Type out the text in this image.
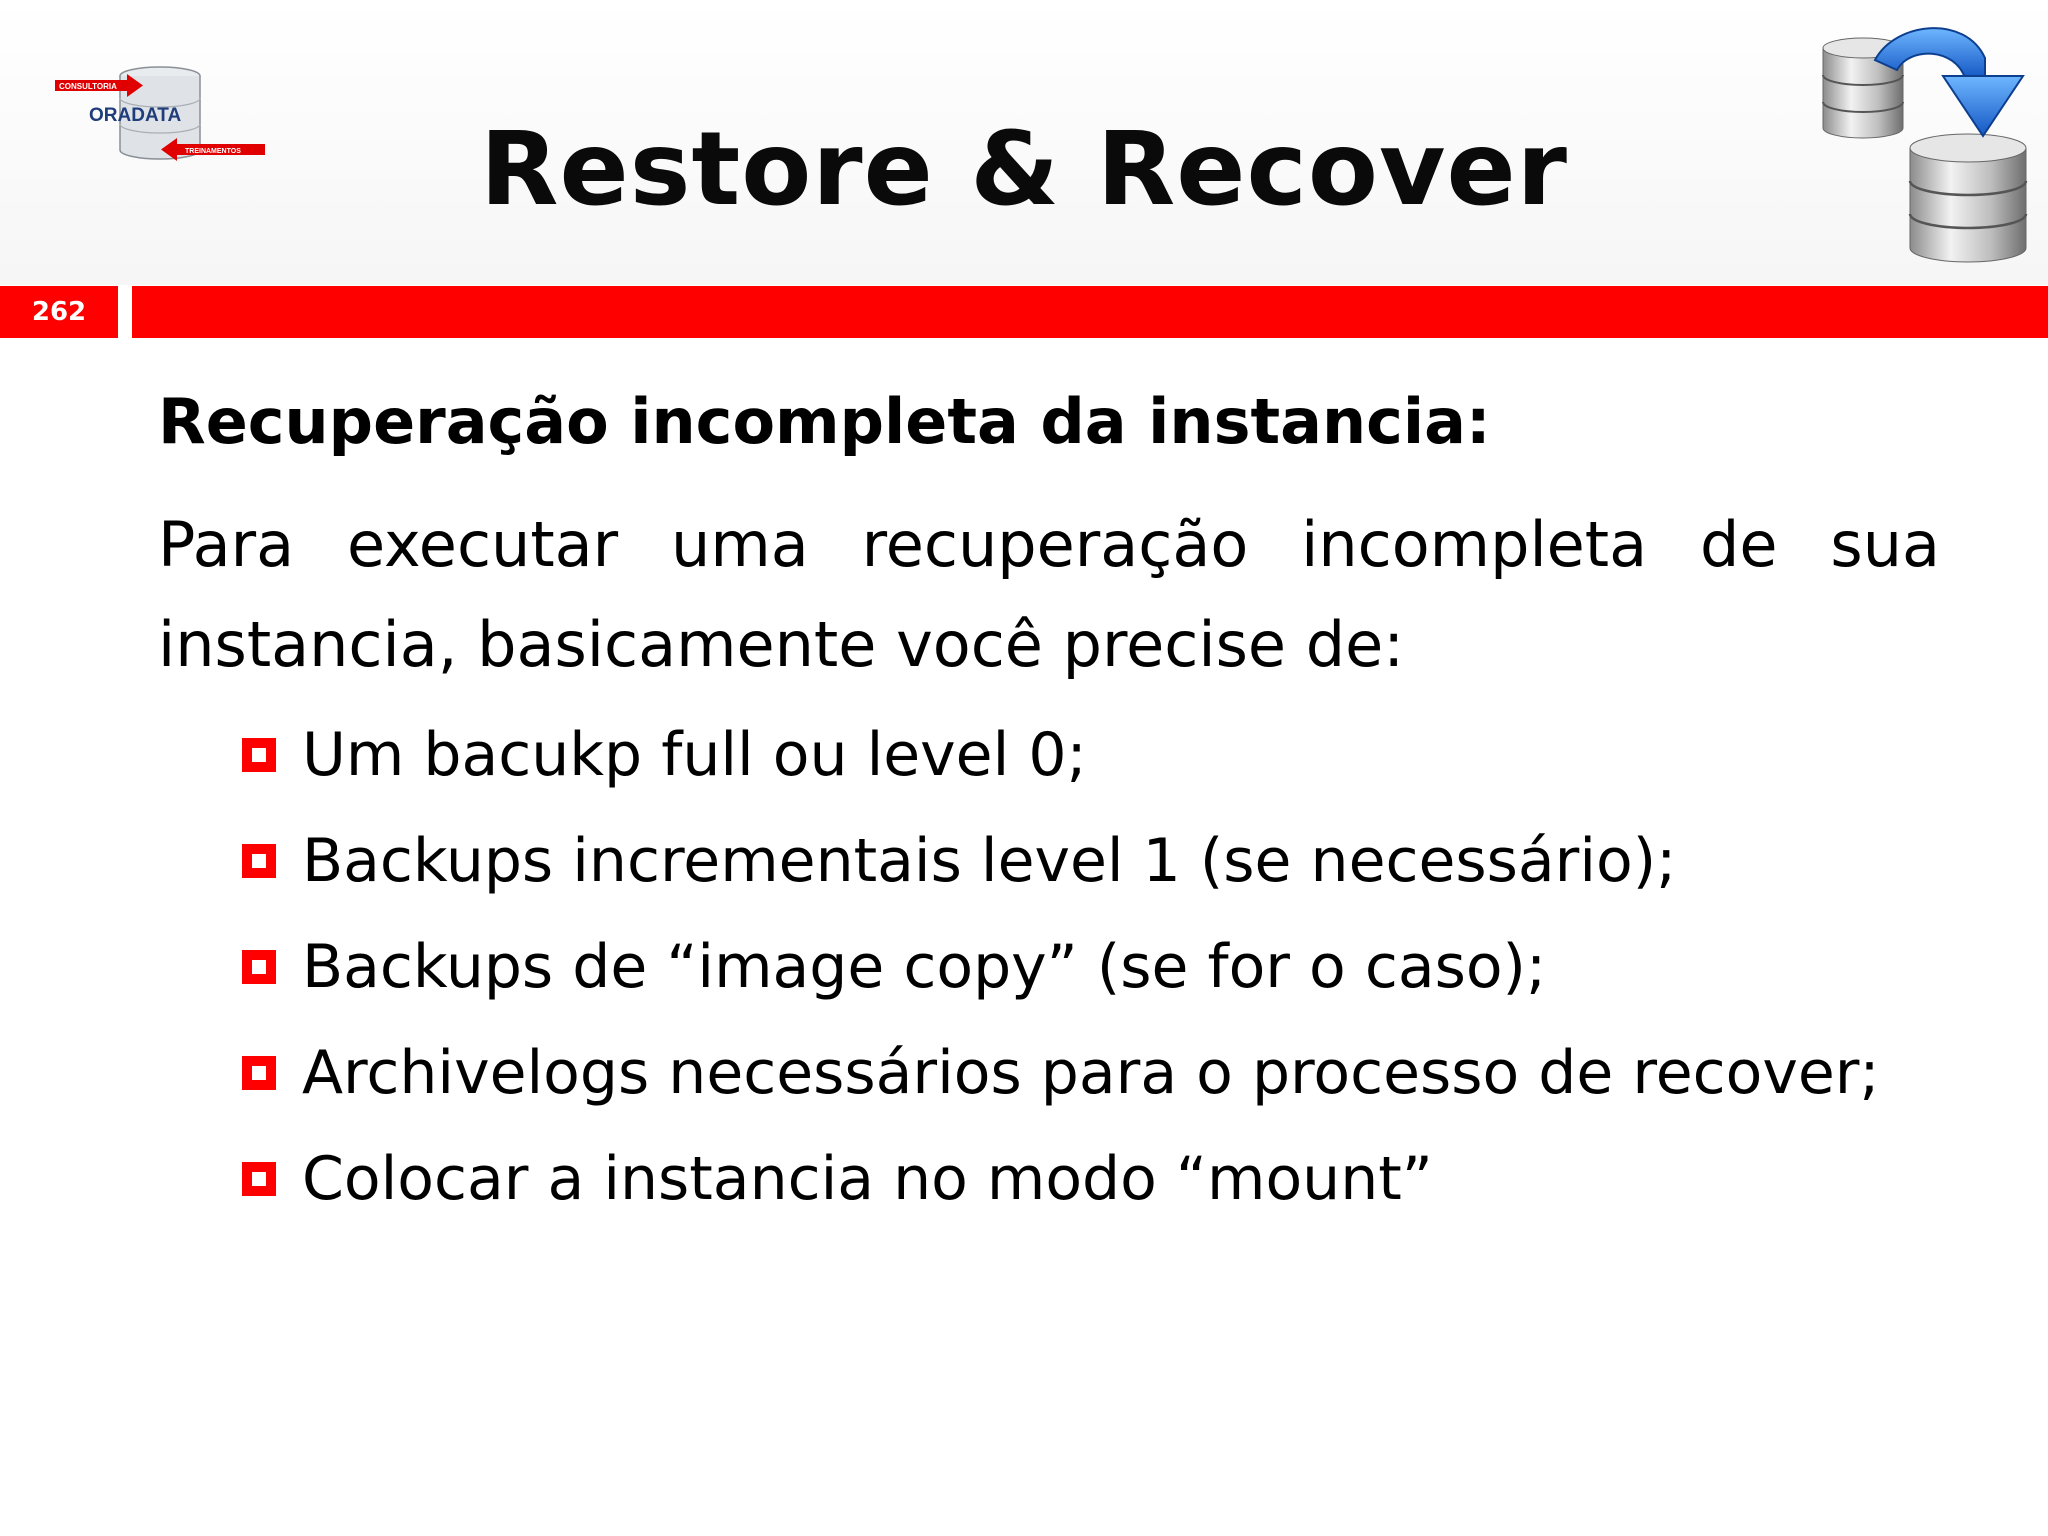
CONSULTORIA
ORADATA
TREINAMENTOS	Restore & Recover
262
Recuperação incompleta da instancia:
Para executar uma recuperação incompleta de sua instancia, basicamente você precise de:
Um bacukp full ou level 0;
Backups incrementais level 1 (se necessário);
Backups de “image copy” (se for o caso);
Archivelogs necessários para o processo de recover;
Colocar a instancia no modo “mount”
